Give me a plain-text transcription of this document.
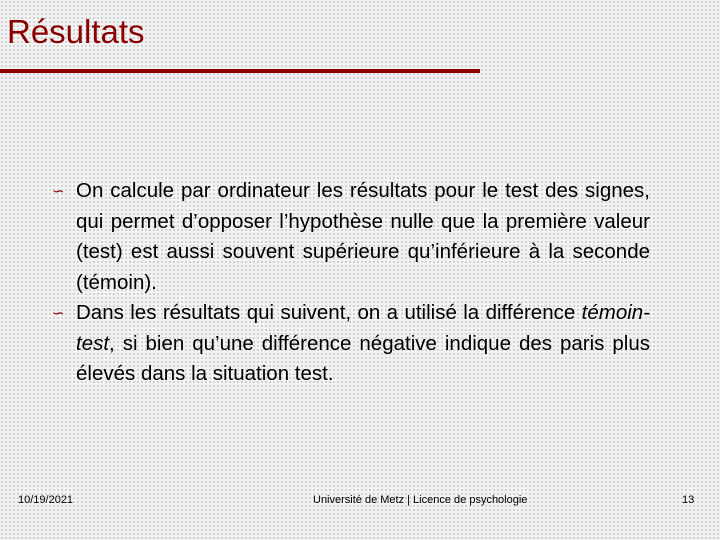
Résultats
∽ On calcule par ordinateur les résultats pour le test des signes, qui permet d’opposer l’hypothèse nulle que la première valeur (test) est aussi souvent supérieure qu’inférieure à la seconde (témoin).
∽ Dans les résultats qui suivent, on a utilisé la différence témoin-test, si bien qu’une différence négative indique des paris plus élevés dans la situation test.
10/19/2021	Université de Metz | Licence de psychologie	13
